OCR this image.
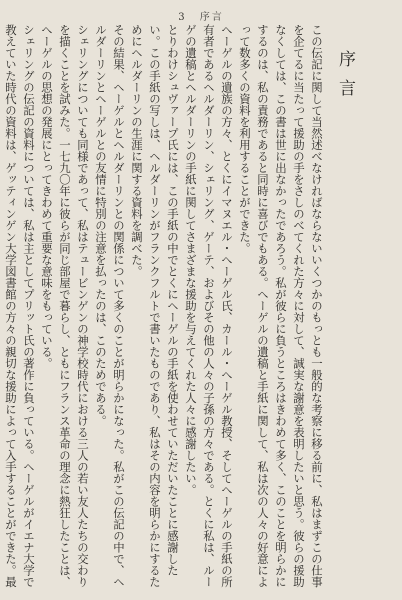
3 序言
序言

この伝記に関して当然述べなければならないいくつかのもっとも一般的な考察に移る前に、私はまずこの仕事を企てるに当たって援助の手をさしのべてくれた方々に対して、誠実な謝意を表明したいと思う。彼らの援助なくしては、この書は世に出なかったであろう。私が彼らに負うところはきわめて多く、このことを明らかにするのは、私の責務であると同時に喜びでもある。へーゲルの遺稿と手紙に関して、私は次の人々の好意によって数多くの資料を利用することができた。

へーゲルの遺族の方々、とくにイマヌエル・へーゲル氏、カール・へーゲル教授、そしてへーゲルの手紙の所有者であるヘルダーリン、シェリング、ゲーテ、およびその他の人々の子孫の方々である。とくに私は、ルーゲの遺稿とヘルダーリンの手紙に関してさまざまな援助を与えてくれた人々に感謝したい。

とりわけシュヴァープ氏には、この手紙の中でとくにヘーゲルの手紙を使わせていただいたことに感謝したい。この手紙の写しは、ヘルダーリンがフランクフルトで書いたものであり、私はその内容を明らかにするためにヘルダーリンの生涯に関する資料を調べた。

その結果、ヘーゲルとヘルダーリンとの関係について多くのことが明らかになった。私がこの伝記の中で、ヘルダーリンとヘーゲルとの友情に特別の注意を払ったのは、このためである。

シェリングについても同様であって、私はテュービンゲンの神学校時代における三人の若い友人たちの交わりを描くことを試みた。一七九〇年に彼らが同じ部屋で暮らし、ともにフランス革命の理念に熱狂したことは、へーゲルの思想の発展にとってきわめて重要な意味をもっている。

シェリングの伝記の資料については、私は主としてプリット氏の著作に負っている。ヘーゲルがイエナ大学で教えていた時代の資料は、ゲッティンゲン大学図書館の方々の親切な援助によって入手することができた。最
